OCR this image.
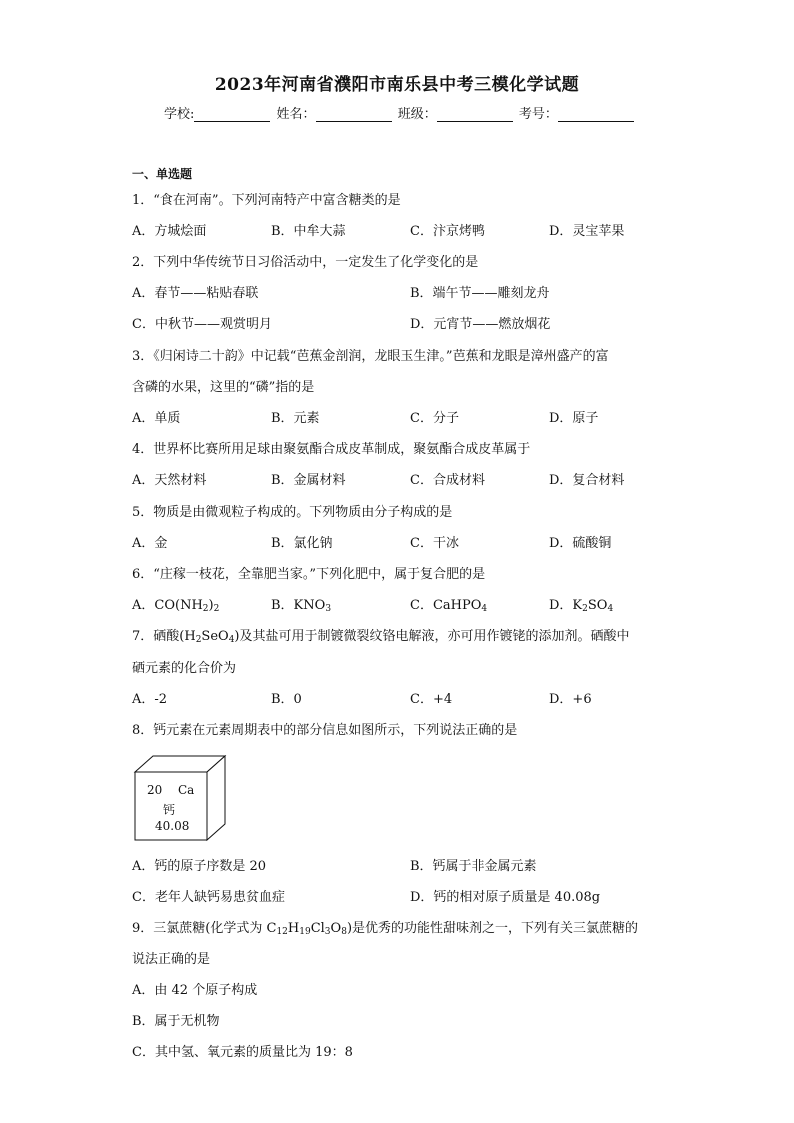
2023年河南省濮阳市南乐县中考三模化学试题
学校:	姓名：	班级：	考号：
一、单选题
1．“食在河南”。下列河南特产中富含糖类的是
A．方城烩面	B．中牟大蒜	C．汴京烤鸭	D．灵宝苹果
2．下列中华传统节日习俗活动中，一定发生了化学变化的是
A．春节——粘贴春联	B．端午节——雕刻龙舟
C．中秋节——观赏明月	D．元宵节——燃放烟花
3．《归闲诗二十韵》中记载“芭蕉金剖润，龙眼玉生津。”芭蕉和龙眼是漳州盛产的富
含磷的水果，这里的“磷”指的是
A．单质	B．元素	C．分子	D．原子
4．世界杯比赛所用足球由聚氨酯合成皮革制成，聚氨酯合成皮革属于
A．天然材料	B．金属材料	C．合成材料	D．复合材料
5．物质是由微观粒子构成的。下列物质由分子构成的是
A．金	B．氯化钠	C．干冰	D．硫酸铜
6．“庄稼一枝花，全靠肥当家。”下列化肥中，属于复合肥的是
A．$CO(NH_2)_2$	B．$KNO_3$	C．CaHPO$_4$	D．$K_2SO_4$
7．硒酸$(H_2SeO_4)$及其盐可用于制镀微裂纹铬电解液，亦可用作镀铑的添加剂。硒酸中
硒元素的化合价为
A．-2	B．0	C．+4	D．+6
8．钙元素在元素周期表中的部分信息如图所示，下列说法正确的是
20 Ca
钙
40.08
A．钙的原子序数是 20	B．钙属于非金属元素
C．老年人缺钙易患贫血症	D．钙的相对原子质量是 40.08g
9．三氯蔗糖(化学式为 $C_{12}H_{19}Cl_3O_8$)是优秀的功能性甜味剂之一，下列有关三氯蔗糖的
说法正确的是
A．由 42 个原子构成
B．属于无机物
C．其中氢、氧元素的质量比为 19：8
